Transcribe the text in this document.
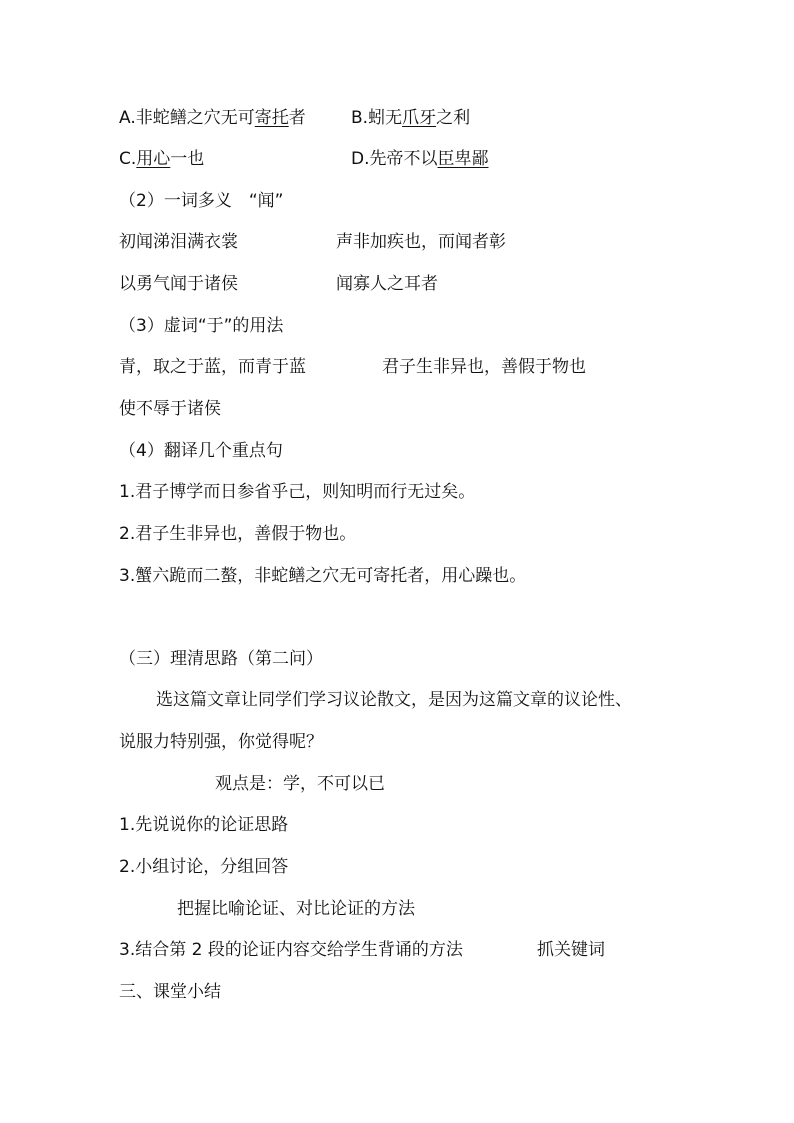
A.非蛇鳝之穴无可寄托者	B.蚓无爪牙之利
C.用心一也	D.先帝不以臣卑鄙
（2）一词多义　“闻”
初闻涕泪满衣裳	声非加疾也，而闻者彰
以勇气闻于诸侯	闻寡人之耳者
（3）虚词“于”的用法
青，取之于蓝，而青于蓝	君子生非异也，善假于物也
使不辱于诸侯
（4）翻译几个重点句
1.君子博学而日参省乎己，则知明而行无过矣。
2.君子生非异也，善假于物也。
3.蟹六跪而二螯，非蛇鳝之穴无可寄托者，用心躁也。
（三）理清思路（第二问）
选这篇文章让同学们学习议论散文，是因为这篇文章的议论性、
说服力特别强，你觉得呢？
观点是：学，不可以已
1.先说说你的论证思路
2.小组讨论，分组回答
把握比喻论证、对比论证的方法
3.结合第 2 段的论证内容交给学生背诵的方法	抓关键词
三、课堂小结
